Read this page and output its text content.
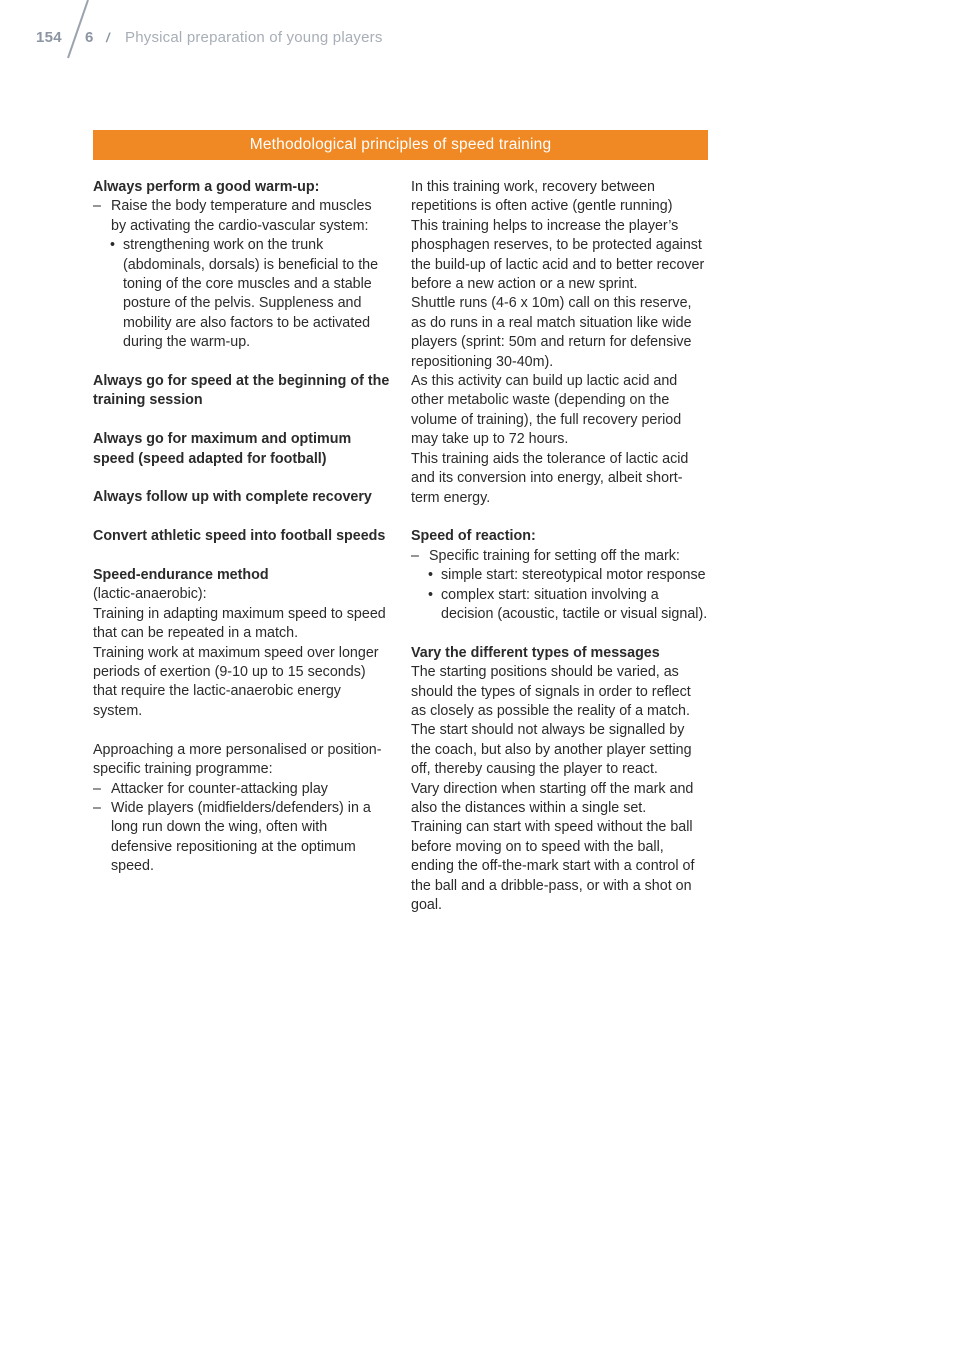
154 6 / Physical preparation of young players
Methodological principles of speed training
Always perform a good warm-up:
– Raise the body temperature and muscles by activating the cardio-vascular system:
• strengthening work on the trunk (abdominals, dorsals) is beneficial to the toning of the core muscles and a stable posture of the pelvis. Suppleness and mobility are also factors to be activated during the warm-up.
Always go for speed at the beginning of the training session
Always go for maximum and optimum speed (speed adapted for football)
Always follow up with complete recovery
Convert athletic speed into football speeds
Speed-endurance method
(lactic-anaerobic):
Training in adapting maximum speed to speed that can be repeated in a match.
Training work at maximum speed over longer periods of exertion (9-10 up to 15 seconds) that require the lactic-anaerobic energy system.
Approaching a more personalised or position-specific training programme:
– Attacker for counter-attacking play
– Wide players (midfielders/defenders) in a long run down the wing, often with defensive repositioning at the optimum speed.
In this training work, recovery between repetitions is often active (gentle running)
This training helps to increase the player’s phosphagen reserves, to be protected against the build-up of lactic acid and to better recover before a new action or a new sprint.
Shuttle runs (4-6 x 10m) call on this reserve, as do runs in a real match situation like wide players (sprint: 50m and return for defensive repositioning 30-40m).
As this activity can build up lactic acid and other metabolic waste (depending on the volume of training), the full recovery period may take up to 72 hours.
This training aids the tolerance of lactic acid and its conversion into energy, albeit short-term energy.
Speed of reaction:
– Specific training for setting off the mark:
• simple start: stereotypical motor response
• complex start: situation involving a decision (acoustic, tactile or visual signal).
Vary the different types of messages
The starting positions should be varied, as should the types of signals in order to reflect as closely as possible the reality of a match.
The start should not always be signalled by the coach, but also by another player setting off, thereby causing the player to react.
Vary direction when starting off the mark and also the distances within a single set.
Training can start with speed without the ball before moving on to speed with the ball, ending the off-the-mark start with a control of the ball and a dribble-pass, or with a shot on goal.
